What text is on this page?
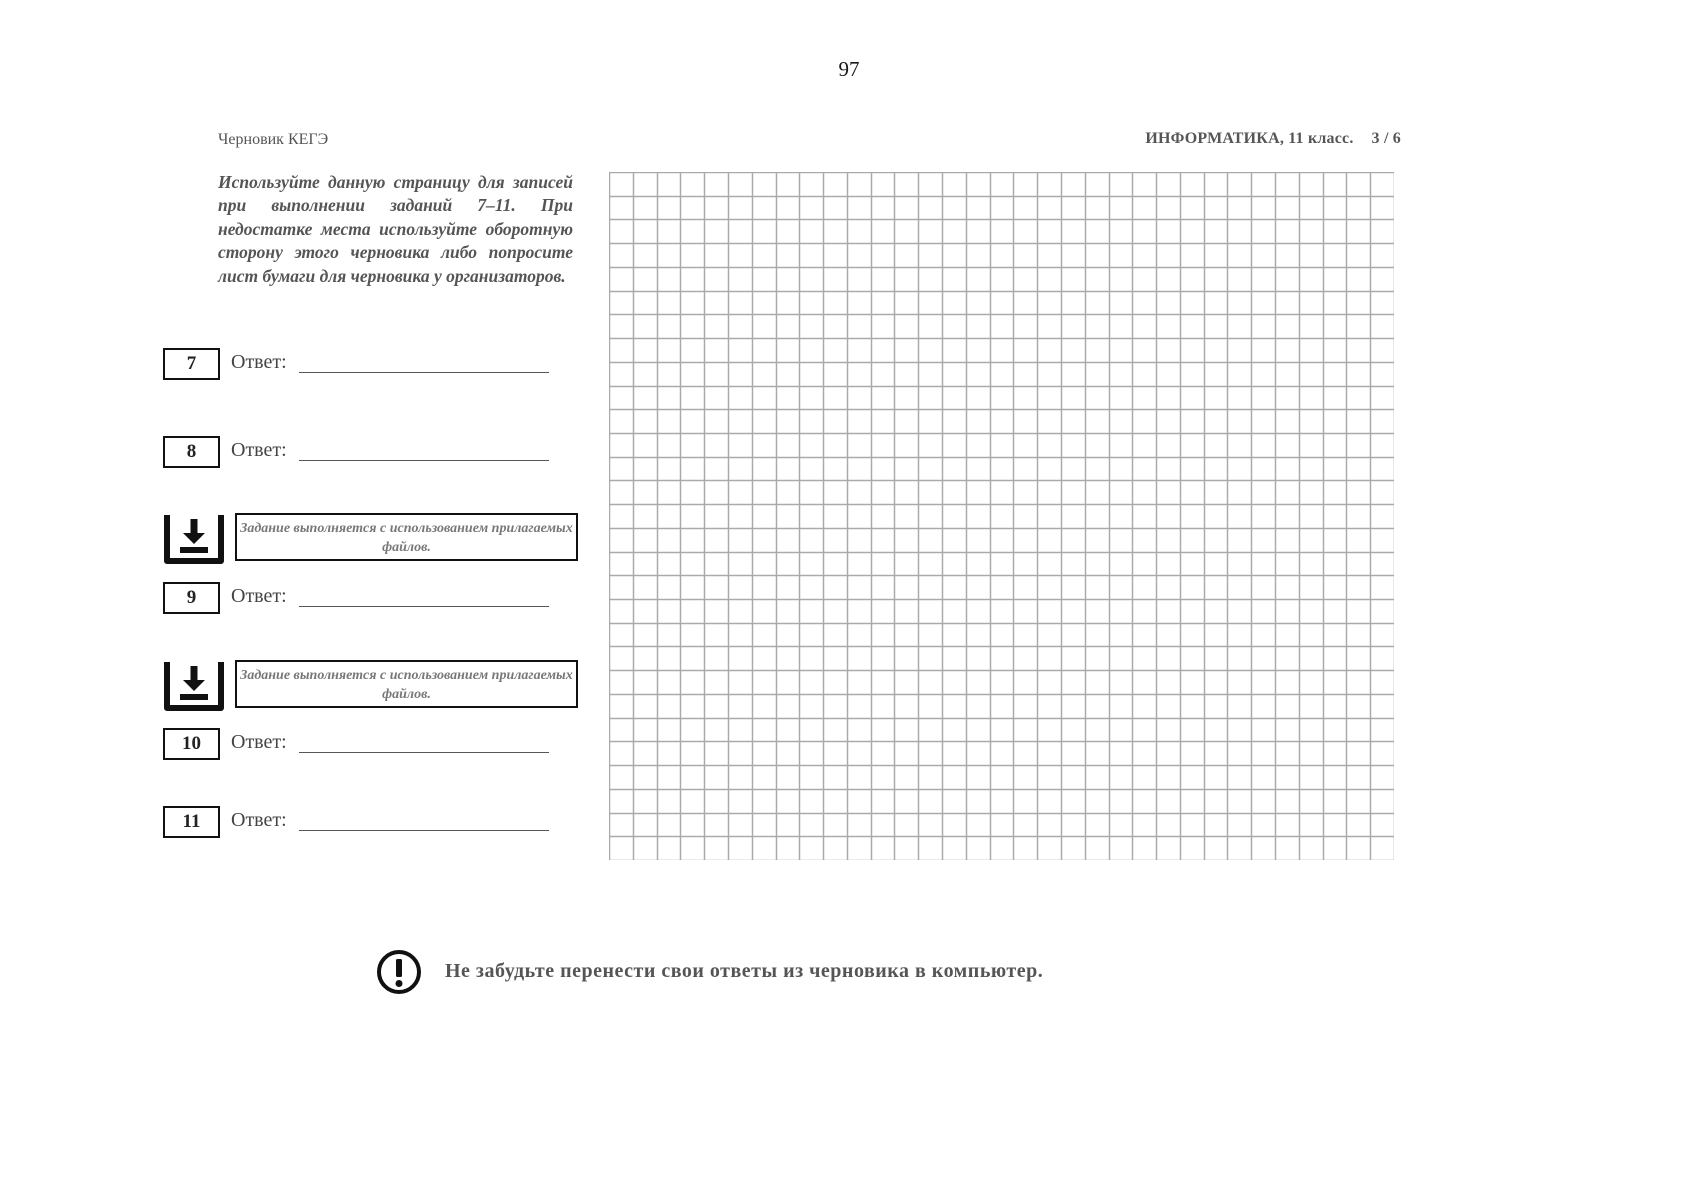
97
Черновик КЕГЭ	ИНФОРМАТИКА, 11 класс. 3 / 6
Используйте данную страницу для записей при выполнении заданий 7–11. При недостатке места используйте оборотную сторону этого черновика либо попросите лист бумаги для черновика у организаторов.
7	Ответ:
8	Ответ:
Задание выполняется с использованием прилагаемых файлов.
9	Ответ:
Задание выполняется с использованием прилагаемых файлов.
10	Ответ:
11	Ответ:
Не забудьте перенести свои ответы из черновика в компьютер.
